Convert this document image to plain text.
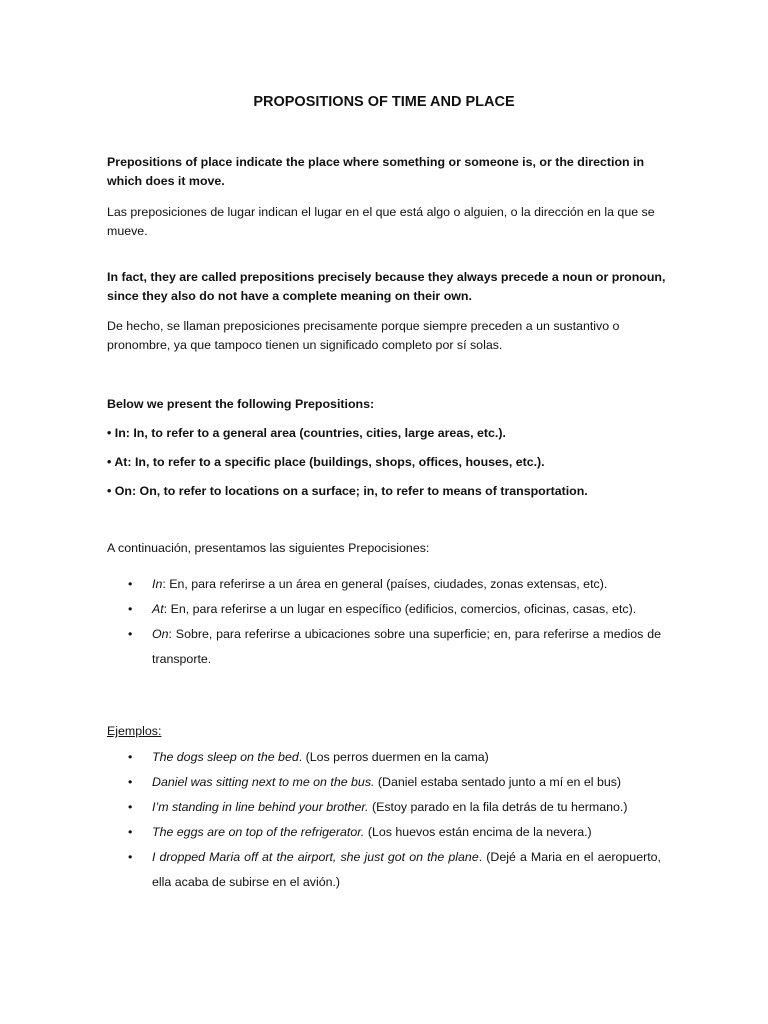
PROPOSITIONS OF TIME AND PLACE
Prepositions of place indicate the place where something or someone is, or the direction in which does it move.
Las preposiciones de lugar indican el lugar en el que está algo o alguien, o la dirección en la que se mueve.
In fact, they are called prepositions precisely because they always precede a noun or pronoun, since they also do not have a complete meaning on their own.
De hecho, se llaman preposiciones precisamente porque siempre preceden a un sustantivo o pronombre, ya que tampoco tienen un significado completo por sí solas.
Below we present the following Prepositions:
• In: In, to refer to a general area (countries, cities, large areas, etc.).
• At: In, to refer to a specific place (buildings, shops, offices, houses, etc.).
• On: On, to refer to locations on a surface; in, to refer to means of transportation.
A continuación, presentamos las siguientes Prepocisiones:
• In: En, para referirse a un área en general (países, ciudades, zonas extensas, etc).
• At: En, para referirse a un lugar en específico (edificios, comercios, oficinas, casas, etc).
• On: Sobre, para referirse a ubicaciones sobre una superficie; en, para referirse a medios de transporte.
Ejemplos:
• The dogs sleep on the bed. (Los perros duermen en la cama)
• Daniel was sitting next to me on the bus. (Daniel estaba sentado junto a mí en el bus)
• I’m standing in line behind your brother. (Estoy parado en la fila detrás de tu hermano.)
• The eggs are on top of the refrigerator. (Los huevos están encima de la nevera.)
• I dropped Maria off at the airport, she just got on the plane. (Dejé a Maria en el aeropuerto, ella acaba de subirse en el avión.)
